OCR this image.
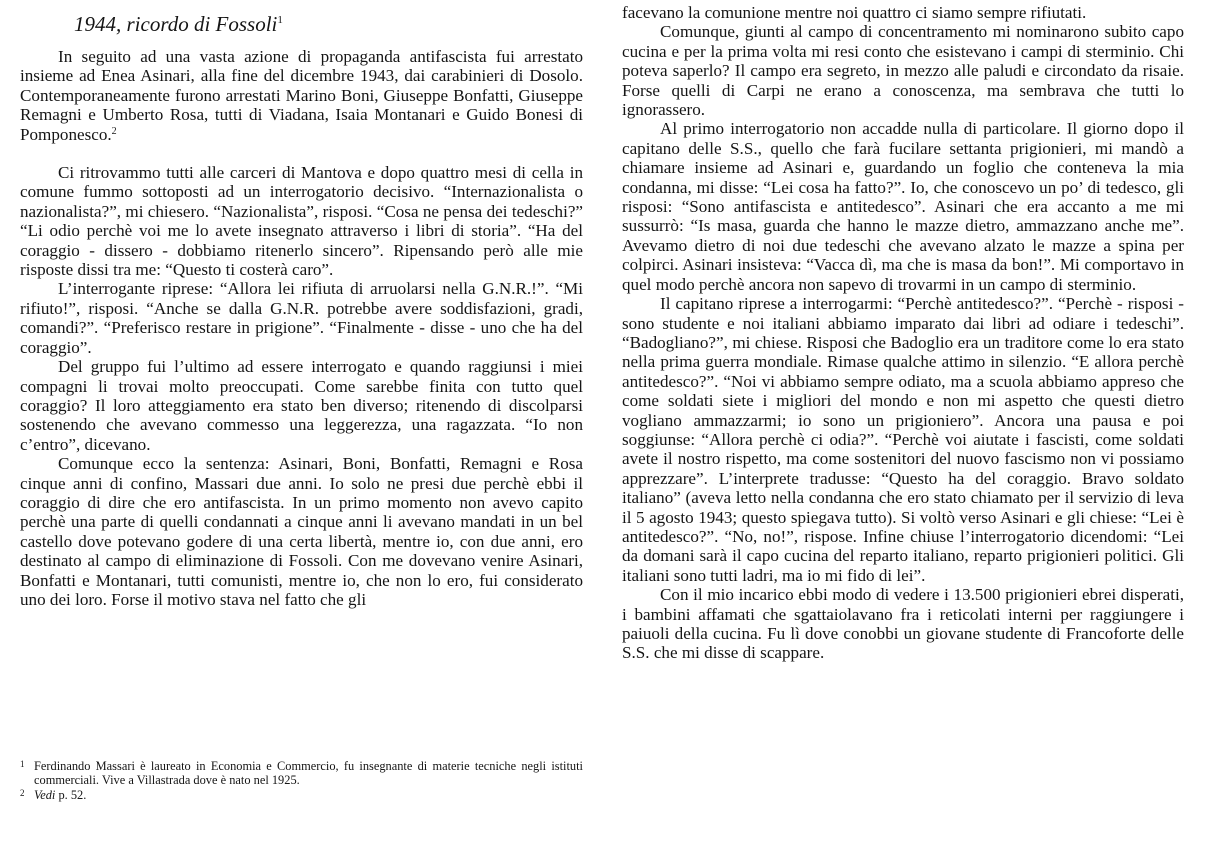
1944, ricordo di Fossoli$^1$

In seguito ad una vasta azione di propaganda antifascista fui arrestato insieme ad Enea Asinari, alla fine del dicembre 1943, dai carabinieri di Dosolo. Contemporaneamente furono arrestati Marino Boni, Giuseppe Bonfatti, Giuseppe Remagni e Umberto Rosa, tutti di Viadana, Isaia Montanari e Guido Bonesi di Pomponesco.$^2$

Ci ritrovammo tutti alle carceri di Mantova e dopo quattro mesi di cella in comune fummo sottoposti ad un interrogatorio decisivo. “Internazionalista o nazionalista?”, mi chiesero. “Nazionalista”, risposi. “Cosa ne pensa dei tedeschi?” “Li odio perchè voi me lo avete insegnato attraverso i libri di storia”. “Ha del coraggio - dissero - dobbiamo ritenerlo sincero”. Ripensando però alle mie risposte dissi tra me: “Questo ti costerà caro”.

L’interrogante riprese: “Allora lei rifiuta di arruolarsi nella G.N.R.!”. “Mi rifiuto!”, risposi. “Anche se dalla G.N.R. potrebbe avere soddisfazioni, gradi, comandi?”. “Preferisco restare in prigione”. “Finalmente - disse - uno che ha del coraggio”.

Del gruppo fui l’ultimo ad essere interrogato e quando raggiunsi i miei compagni li trovai molto preoccupati. Come sarebbe finita con tutto quel coraggio? Il loro atteggiamento era stato ben diverso; ritenendo di discolparsi sostenendo che avevano commesso una leggerezza, una ragazzata. “Io non c’entro”, dicevano.

Comunque ecco la sentenza: Asinari, Boni, Bonfatti, Remagni e Rosa cinque anni di confino, Massari due anni. Io solo ne presi due perchè ebbi il coraggio di dire che ero antifascista. In un primo momento non avevo capito perchè una parte di quelli condannati a cinque anni li avevano mandati in un bel castello dove potevano godere di una certa libertà, mentre io, con due anni, ero destinato al campo di eliminazione di Fossoli. Con me dovevano venire Asinari, Bonfatti e Montanari, tutti comunisti, mentre io, che non lo ero, fui considerato uno dei loro. Forse il motivo stava nel fatto che gli

facevano la comunione mentre noi quattro ci siamo sempre rifiutati.

Comunque, giunti al campo di concentramento mi nominarono subito capo cucina e per la prima volta mi resi conto che esistevano i campi di sterminio. Chi poteva saperlo? Il campo era segreto, in mezzo alle paludi e circondato da risaie. Forse quelli di Carpi ne erano a conoscenza, ma sembrava che tutti lo ignorassero.

Al primo interrogatorio non accadde nulla di particolare. Il giorno dopo il capitano delle S.S., quello che farà fucilare settanta prigionieri, mi mandò a chiamare insieme ad Asinari e, guardando un foglio che conteneva la mia condanna, mi disse: “Lei cosa ha fatto?”. Io, che conoscevo un po’ di tedesco, gli risposi: “Sono antifascista e antitedesco”. Asinari che era accanto a me mi sussurrò: “Is masa, guarda che hanno le mazze dietro, ammazzano anche me”. Avevamo dietro di noi due tedeschi che avevano alzato le mazze a spina per colpirci. Asinari insisteva: “Vacca dì, ma che is masa da bon!”. Mi comportavo in quel modo perchè ancora non sapevo di trovarmi in un campo di sterminio.

Il capitano riprese a interrogarmi: “Perchè antitedesco?”. “Perchè - risposi - sono studente e noi italiani abbiamo imparato dai libri ad odiare i tedeschi”. “Badogliano?”, mi chiese. Risposi che Badoglio era un traditore come lo era stato nella prima guerra mondiale. Rimase qualche attimo in silenzio. “E allora perchè antitedesco?”. “Noi vi abbiamo sempre odiato, ma a scuola abbiamo appreso che come soldati siete i migliori del mondo e non mi aspetto che questi dietro vogliano ammazzarmi; io sono un prigioniero”. Ancora una pausa e poi soggiunse: “Allora perchè ci odia?”. “Perchè voi aiutate i fascisti, come soldati avete il nostro rispetto, ma come sostenitori del nuovo fascismo non vi possiamo apprezzare”. L’interprete tradusse: “Questo ha del coraggio. Bravo soldato italiano” (aveva letto nella condanna che ero stato chiamato per il servizio di leva il 5 agosto 1943; questo spiegava tutto). Si voltò verso Asinari e gli chiese: “Lei è antitedesco?”. “No, no!”, rispose. Infine chiuse l’interrogatorio dicendomi: “Lei da domani sarà il capo cucina del reparto italiano, reparto prigionieri politici. Gli italiani sono tutti ladri, ma io mi fido di lei”.

Con il mio incarico ebbi modo di vedere i 13.500 prigionieri ebrei disperati, i bambini affamati che sgattaiolavano fra i reticolati interni per raggiungere i paiuoli della cucina. Fu lì dove conobbi un giovane studente di Francoforte delle S.S. che mi disse di scappare.

1 Ferdinando Massari è laureato in Economia e Commercio, fu insegnante di materie tecniche negli istituti commerciali. Vive a Villastrada dove è nato nel 1925.

2 Vedi p. 52.
